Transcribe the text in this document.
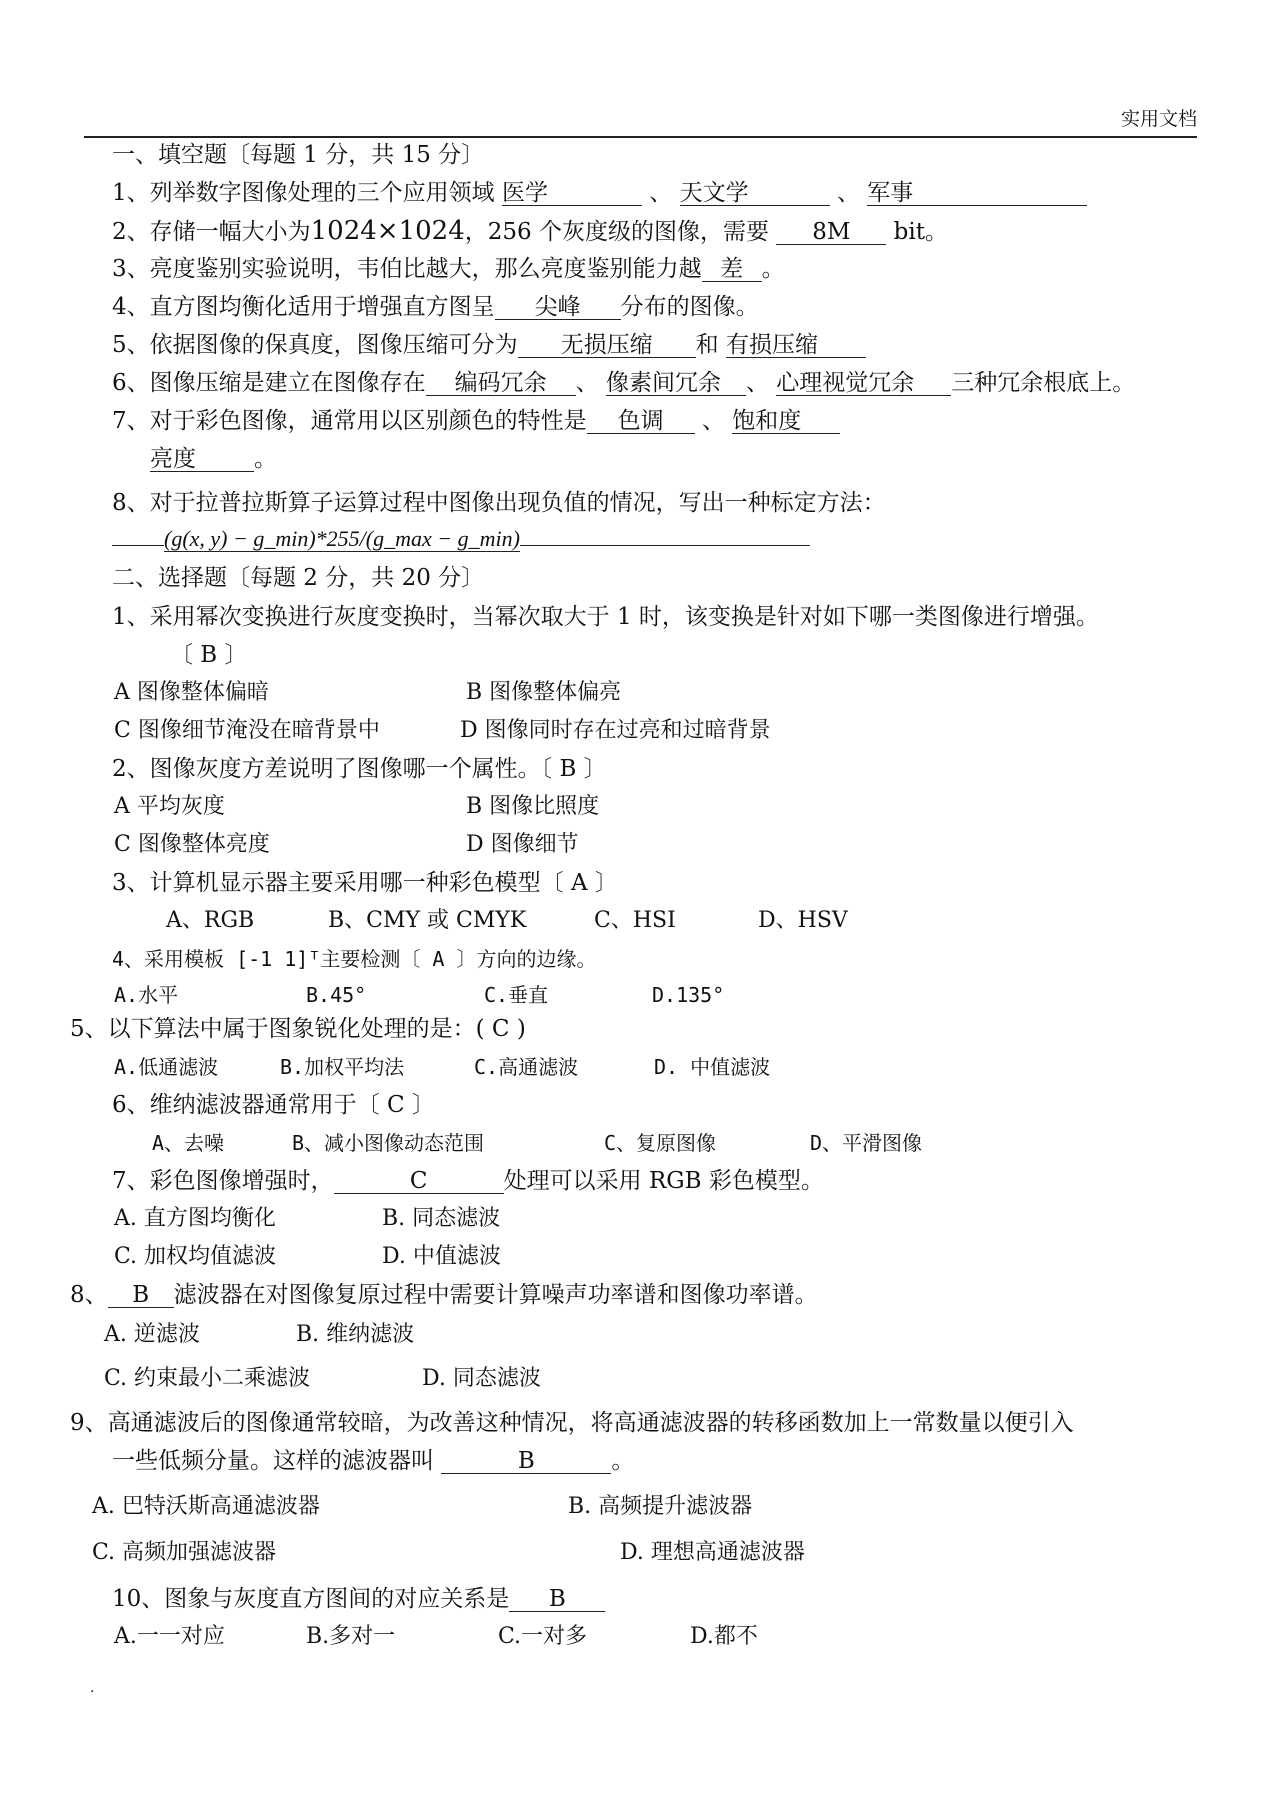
实用文档
一、填空题〔每题 1 分，共 15 分〕
1、列举数字图像处理的三个应用领域 医学	、 天文学	、 军事
2、存储一幅大小为1024×1024，256 个灰度级的图像，需要 8M bit。
3、亮度鉴别实验说明，韦伯比越大，那么亮度鉴别能力越 差 。
4、直方图均衡化适用于增强直方图呈 尖峰 分布的图像。
5、依据图像的保真度，图像压缩可分为 无损压缩 和 有损压缩
6、图像压缩是建立在图像存在 编码冗余 、 像素间冗余 、 心理视觉冗余 三种冗余根底上。
7、对于彩色图像，通常用以区别颜色的特性是 色调 、 饱和度
亮度	。
8、对于拉普拉斯算子运算过程中图像出现负值的情况，写出一种标定方法：
(g(x, y) − g_min)*255/(g_max − g_min)
二、选择题〔每题 2 分，共 20 分〕
1、采用幂次变换进行灰度变换时，当幂次取大于 1 时，该变换是针对如下哪一类图像进行增强。
〔 B 〕
A 图像整体偏暗	B 图像整体偏亮
C 图像细节淹没在暗背景中	D 图像同时存在过亮和过暗背景
2、图像灰度方差说明了图像哪一个属性。〔 B 〕
A 平均灰度	B 图像比照度
C 图像整体亮度	D 图像细节
3、计算机显示器主要采用哪一种彩色模型〔 A 〕
A、RGB	B、CMY 或 CMYK	C、HSI	D、HSV
4、采用模板 [-1 1]ᵀ主要检测〔 A 〕方向的边缘。
A.水平	B.45°	C.垂直	D.135°
5、以下算法中属于图象锐化处理的是：( C )
A.低通滤波	B.加权平均法	C.高通滤波	D. 中值滤波
6、维纳滤波器通常用于〔 C 〕
A、去噪	B、减小图像动态范围	C、复原图像	D、平滑图像
7、彩色图像增强时，	C	处理可以采用 RGB 彩色模型。
A. 直方图均衡化	B. 同态滤波
C. 加权均值滤波	D. 中值滤波
8、 B 滤波器在对图像复原过程中需要计算噪声功率谱和图像功率谱。
A. 逆滤波	B. 维纳滤波
C. 约束最小二乘滤波	D. 同态滤波
9、高通滤波后的图像通常较暗，为改善这种情况，将高通滤波器的转移函数加上一常数量以便引入
一些低频分量。这样的滤波器叫	B	。
A. 巴特沃斯高通滤波器	B. 高频提升滤波器
C. 高频加强滤波器	D. 理想高通滤波器
10、图象与灰度直方图间的对应关系是 B
A.一一对应	B.多对一	C.一对多	D.都不
.
